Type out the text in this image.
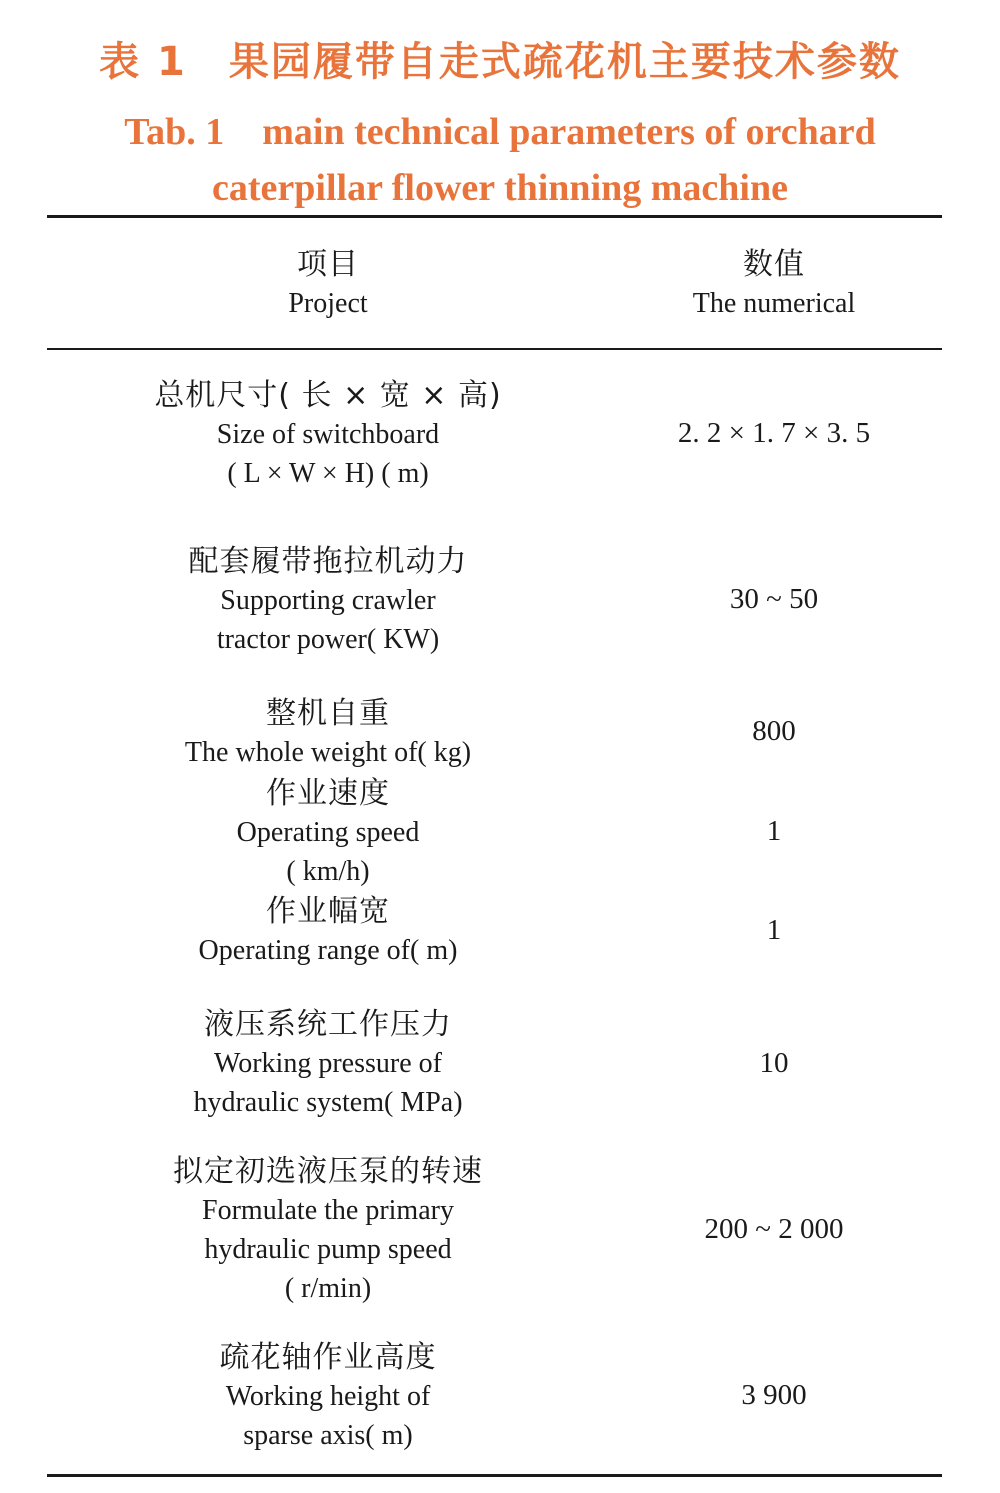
表 1　果园履带自走式疏花机主要技术参数
Tab. 1　main technical parameters of orchard
caterpillar flower thinning machine
项目
Project
数值
The numerical
总机尺寸( 长 × 宽 × 高)
Size of switchboard
( L × W × H) ( m)
2. 2 × 1. 7 × 3. 5
配套履带拖拉机动力
Supporting crawler
tractor power( KW)
30 ~ 50
整机自重
The whole weight of( kg)
800
作业速度
Operating speed
( km/h)
1
作业幅宽
Operating range of( m)
1
液压系统工作压力
Working pressure of
hydraulic system( MPa)
10
拟定初选液压泵的转速
Formulate the primary
hydraulic pump speed
( r/min)
200 ~ 2 000
疏花轴作业高度
Working height of
sparse axis( m)
3 900
